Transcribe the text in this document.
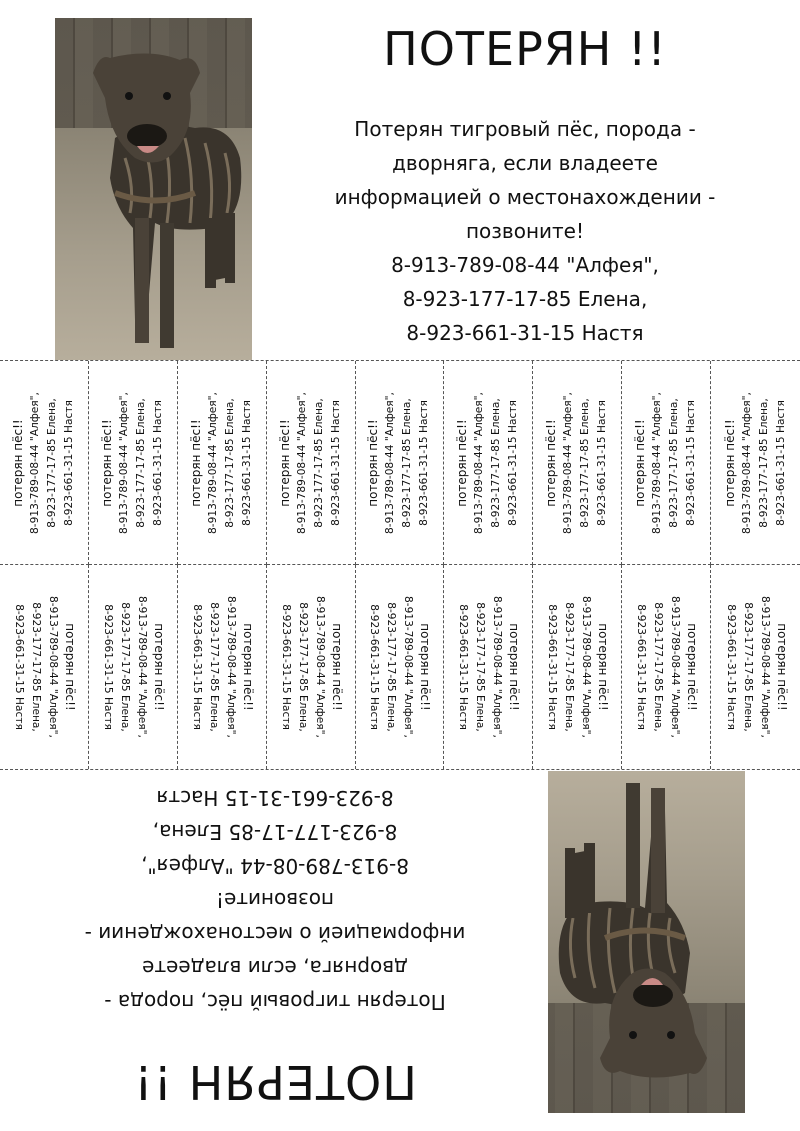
ПОТЕРЯН !!
Потерян тигровый пёс, порода -
дворняга, если владеете
информацией о местонахождении -
позвоните!
8-913-789-08-44 "Алфея",
8-923-177-17-85 Елена,
8-923-661-31-15 Настя
потерян пёс!! 8-913-789-08-44 "Алфея", 8-923-177-17-85 Елена, 8-923-661-31-15 Настя потерян пёс!! 8-913-789-08-44 "Алфея", 8-923-177-17-85 Елена, 8-923-661-31-15 Настя потерян пёс!! 8-913-789-08-44 "Алфея", 8-923-177-17-85 Елена, 8-923-661-31-15 Настя потерян пёс!! 8-913-789-08-44 "Алфея", 8-923-177-17-85 Елена, 8-923-661-31-15 Настя потерян пёс!! 8-913-789-08-44 "Алфея", 8-923-177-17-85 Елена, 8-923-661-31-15 Настя потерян пёс!! 8-913-789-08-44 "Алфея", 8-923-177-17-85 Елена, 8-923-661-31-15 Настя потерян пёс!! 8-913-789-08-44 "Алфея", 8-923-177-17-85 Елена, 8-923-661-31-15 Настя потерян пёс!! 8-913-789-08-44 "Алфея", 8-923-177-17-85 Елена, 8-923-661-31-15 Настя потерян пёс!! 8-913-789-08-44 "Алфея", 8-923-177-17-85 Елена, 8-923-661-31-15 Настя
потерян пёс!!
8-913-789-08-44 "Алфея",
8-923-177-17-85 Елена,
8-923-661-31-15 Настя	потерян пёс!!
8-913-789-08-44 "Алфея",
8-923-177-17-85 Елена,
8-923-661-31-15 Настя	потерян пёс!!
8-913-789-08-44 "Алфея",
8-923-177-17-85 Елена,
8-923-661-31-15 Настя	потерян пёс!!
8-913-789-08-44 "Алфея",
8-923-177-17-85 Елена,
8-923-661-31-15 Настя	потерян пёс!!
8-913-789-08-44 "Алфея",
8-923-177-17-85 Елена,
8-923-661-31-15 Настя	потерян пёс!!
8-913-789-08-44 "Алфея",
8-923-177-17-85 Елена,
8-923-661-31-15 Настя	потерян пёс!!
8-913-789-08-44 "Алфея",
8-923-177-17-85 Елена,
8-923-661-31-15 Настя	потерян пёс!!
8-913-789-08-44 "Алфея",
8-923-177-17-85 Елена,
8-923-661-31-15 Настя	потерян пёс!!
8-913-789-08-44 "Алфея",
8-923-177-17-85 Елена,
8-923-661-31-15 Настя
ПОТЕРЯН !!
Потерян тигровый пёс, порода -
дворняга, если владеете
информацией о местонахождении -
позвоните!
8-913-789-08-44 "Алфея",
8-923-177-17-85 Елена,
8-923-661-31-15 Настя
